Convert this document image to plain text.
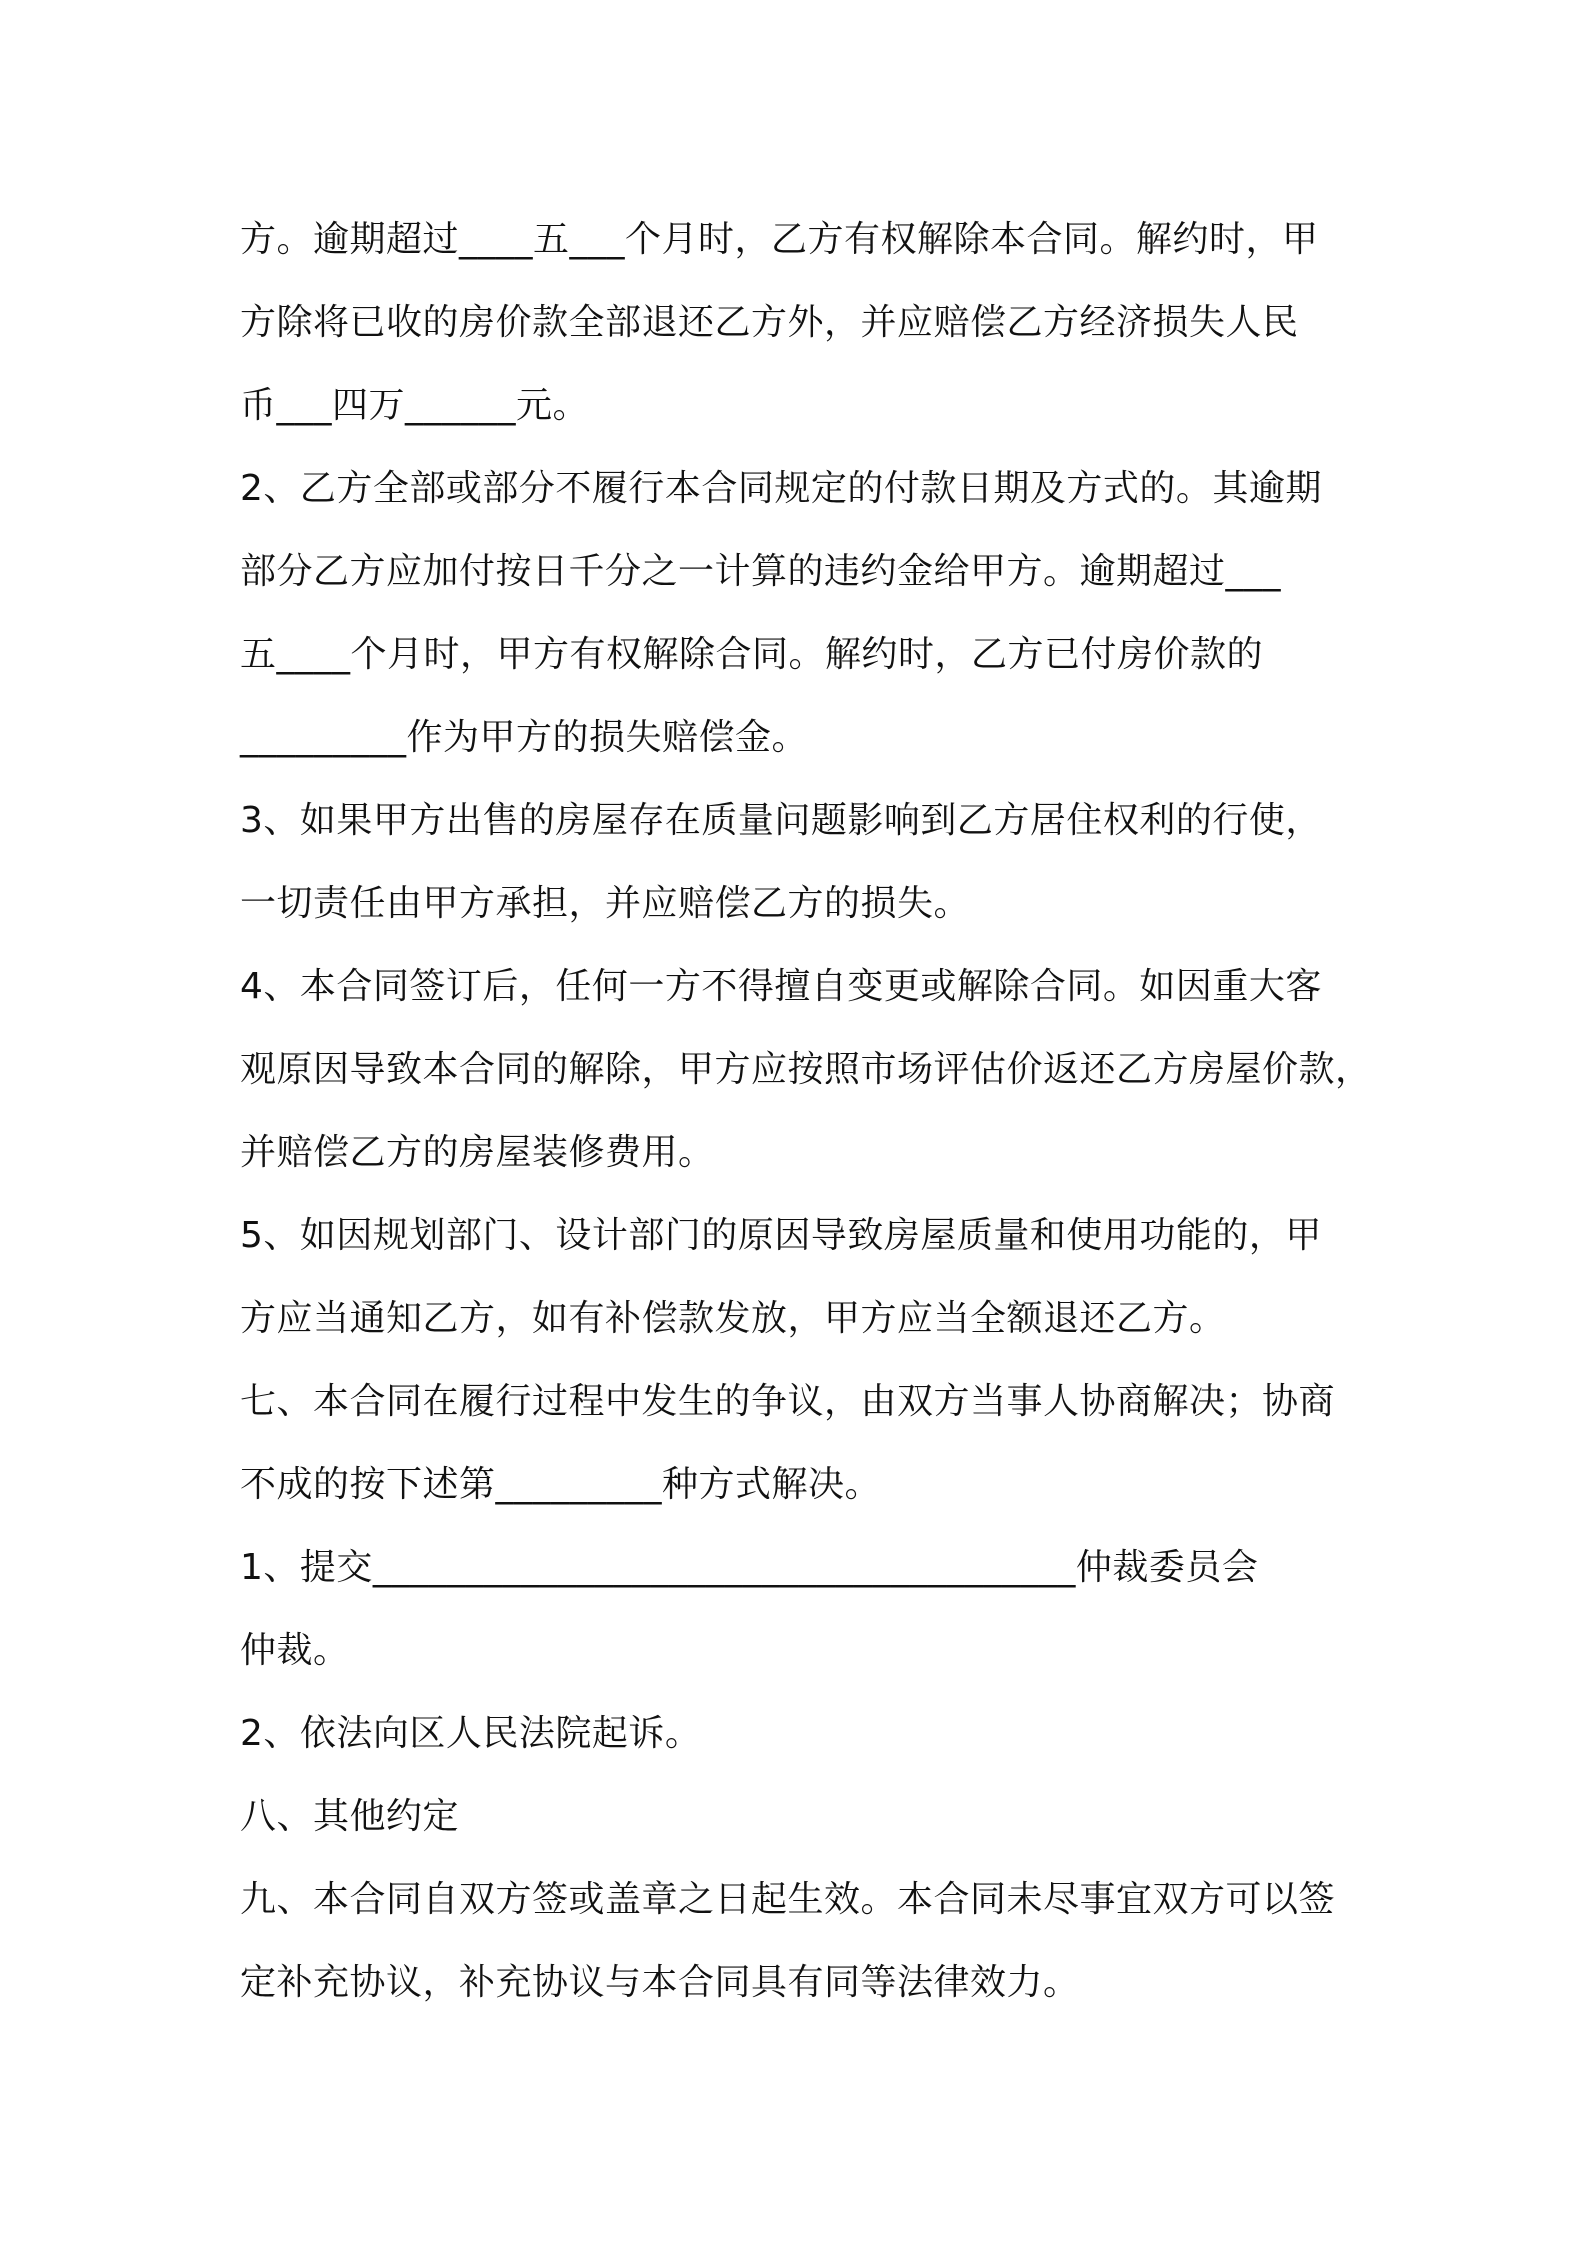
方。逾期超过____五___个月时，乙方有权解除本合同。解约时，甲
方除将已收的房价款全部退还乙方外，并应赔偿乙方经济损失人民
币___四万______元。
2、乙方全部或部分不履行本合同规定的付款日期及方式的。其逾期
部分乙方应加付按日千分之一计算的违约金给甲方。逾期超过___
五____个月时，甲方有权解除合同。解约时，乙方已付房价款的
_________作为甲方的损失赔偿金。
3、如果甲方出售的房屋存在质量问题影响到乙方居住权利的行使，
一切责任由甲方承担，并应赔偿乙方的损失。
4、本合同签订后，任何一方不得擅自变更或解除合同。如因重大客
观原因导致本合同的解除，甲方应按照市场评估价返还乙方房屋价款，
并赔偿乙方的房屋装修费用。
5、如因规划部门、设计部门的原因导致房屋质量和使用功能的，甲
方应当通知乙方，如有补偿款发放，甲方应当全额退还乙方。
七、本合同在履行过程中发生的争议，由双方当事人协商解决；协商
不成的按下述第_________种方式解决。
1、提交______________________________________仲裁委员会
仲裁。
2、依法向区人民法院起诉。
八、其他约定
九、本合同自双方签或盖章之日起生效。本合同未尽事宜双方可以签
定补充协议，补充协议与本合同具有同等法律效力。
